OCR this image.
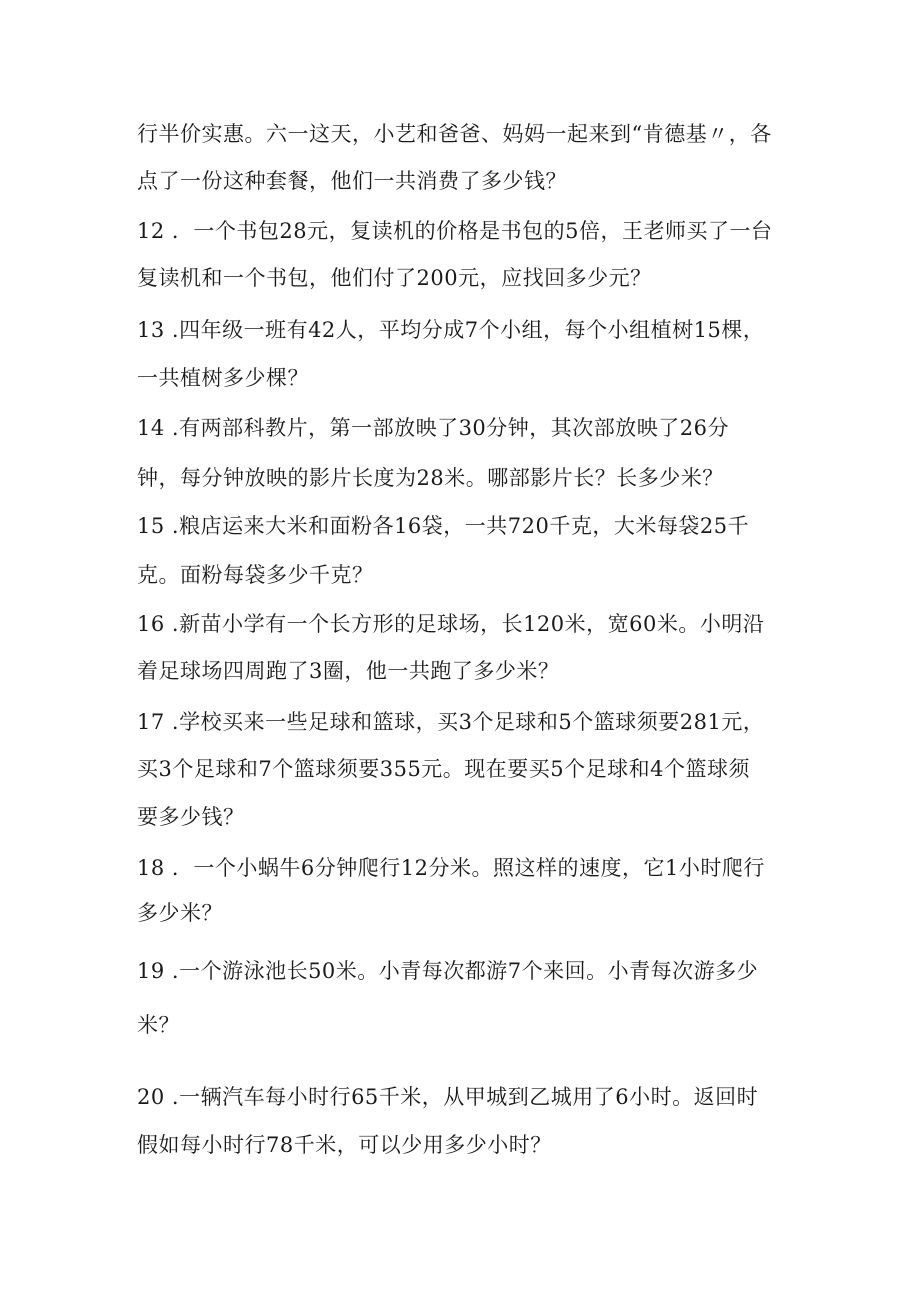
行半价实惠。六一这天，小艺和爸爸、妈妈一起来到“肯德基〃，各
点了一份这种套餐，他们一共消费了多少钱？
12 ．一个书包28元，复读机的价格是书包的5倍，王老师买了一台
复读机和一个书包，他们付了200元，应找回多少元？
13 .四年级一班有42人，平均分成7个小组，每个小组植树15棵，
一共植树多少棵？
14 .有两部科教片，第一部放映了30分钟，其次部放映了26分
钟，每分钟放映的影片长度为28米。哪部影片长？长多少米？
15 .粮店运来大米和面粉各16袋，一共720千克，大米每袋25千
克。面粉每袋多少千克？
16 .新苗小学有一个长方形的足球场，长120米，宽60米。小明沿
着足球场四周跑了3圈，他一共跑了多少米？
17 .学校买来一些足球和篮球，买3个足球和5个篮球须要281元，
买3个足球和7个篮球须要355元。现在要买5个足球和4个篮球须
要多少钱？
18 ．一个小蜗牛6分钟爬行12分米。照这样的速度，它1小时爬行
多少米？
19 .一个游泳池长50米。小青每次都游7个来回。小青每次游多少
米？
20 .一辆汽车每小时行65千米，从甲城到乙城用了6小时。返回时
假如每小时行78千米，可以少用多少小时？
